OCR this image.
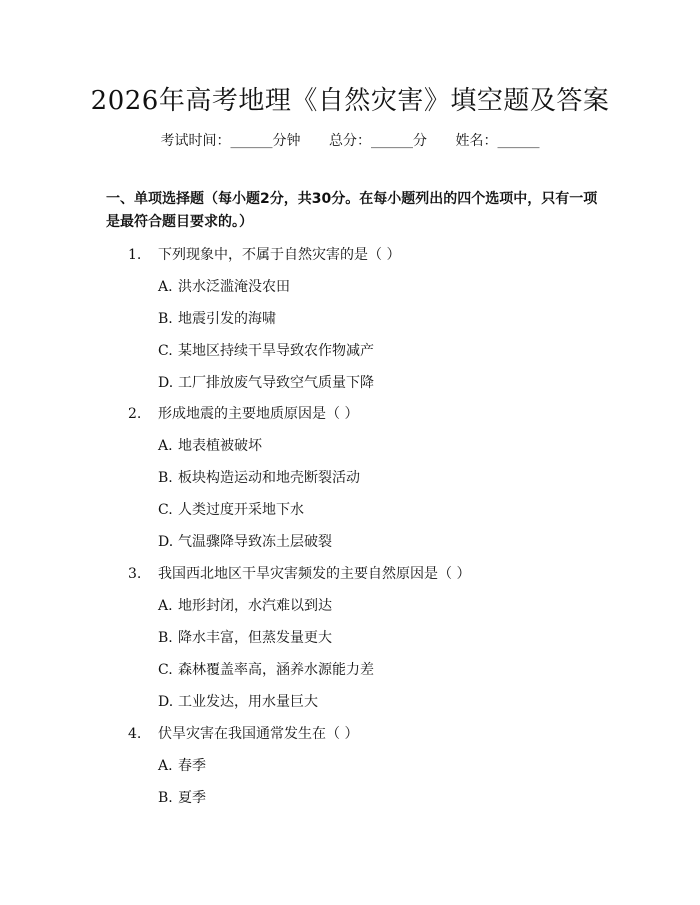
2026年高考地理《自然灾害》填空题及答案
考试时间：______分钟 总分：______分 姓名：______
一、单项选择题（每小题2分，共30分。在每小题列出的四个选项中，只有一项是最符合题目要求的。）
1. 下列现象中，不属于自然灾害的是（ ）
A. 洪水泛滥淹没农田
B. 地震引发的海啸
C. 某地区持续干旱导致农作物减产
D. 工厂排放废气导致空气质量下降
2. 形成地震的主要地质原因是（ ）
A. 地表植被破坏
B. 板块构造运动和地壳断裂活动
C. 人类过度开采地下水
D. 气温骤降导致冻土层破裂
3. 我国西北地区干旱灾害频发的主要自然原因是（ ）
A. 地形封闭，水汽难以到达
B. 降水丰富，但蒸发量更大
C. 森林覆盖率高，涵养水源能力差
D. 工业发达，用水量巨大
4. 伏旱灾害在我国通常发生在（ ）
A. 春季
B. 夏季
